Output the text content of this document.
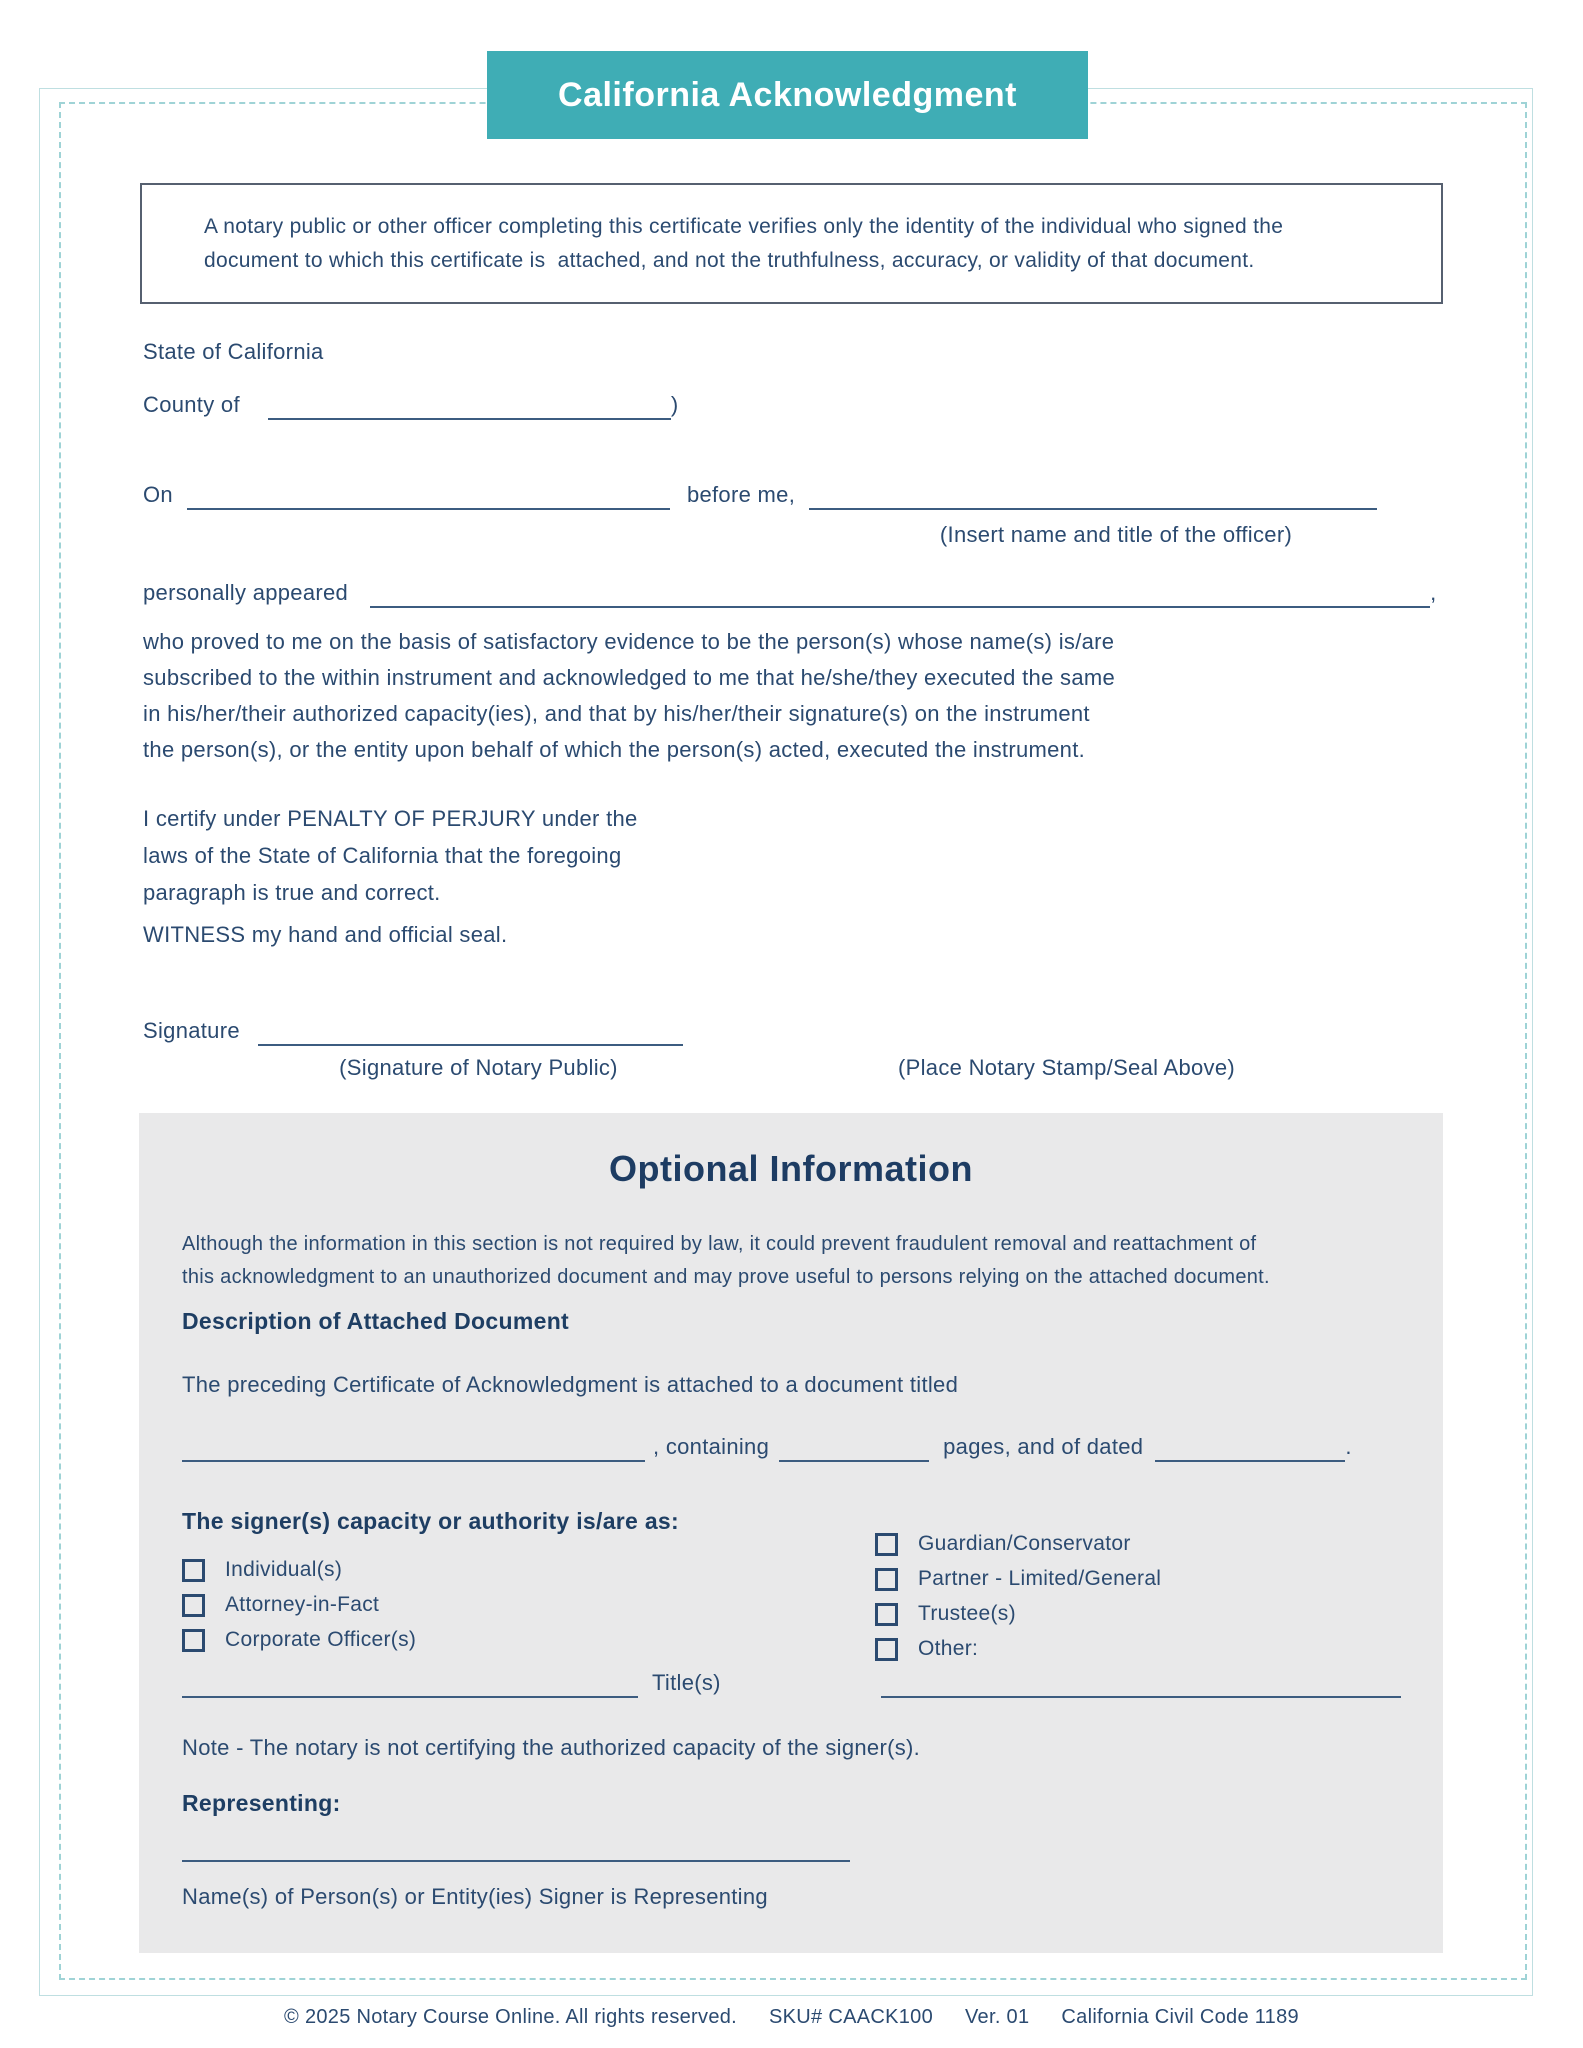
California Acknowledgment
A notary public or other officer completing this certificate verifies only the identity of the individual who signed the
document to which this certificate is  attached, and not the truthfulness, accuracy, or validity of that document.
State of California
County of	)
On	before me,
(Insert name and title of the officer)
personally appeared	,
who proved to me on the basis of satisfactory evidence to be the person(s) whose name(s) is/are
subscribed to the within instrument and acknowledged to me that he/she/they executed the same
in his/her/their authorized capacity(ies), and that by his/her/their signature(s) on the instrument
the person(s), or the entity upon behalf of which the person(s) acted, executed the instrument.
I certify under PENALTY OF PERJURY under the
laws of the State of California that the foregoing
paragraph is true and correct.
WITNESS my hand and official seal.
Signature
(Signature of Notary Public)	(Place Notary Stamp/Seal Above)
Optional Information
Although the information in this section is not required by law, it could prevent fraudulent removal and reattachment of
this acknowledgment to an unauthorized document and may prove useful to persons relying on the attached document.
Description of Attached Document
The preceding Certificate of Acknowledgment is attached to a document titled
, containing	pages, and of dated	.
The signer(s) capacity or authority is/are as:
Individual(s)
Attorney-in-Fact
Corporate Officer(s)
Guardian/Conservator
Partner - Limited/General
Trustee(s)
Other:
Title(s)
Note - The notary is not certifying the authorized capacity of the signer(s).
Representing:
Name(s) of Person(s) or Entity(ies) Signer is Representing
© 2025 Notary Course Online. All rights reserved. SKU# CAACK100 Ver. 01 California Civil Code 1189
